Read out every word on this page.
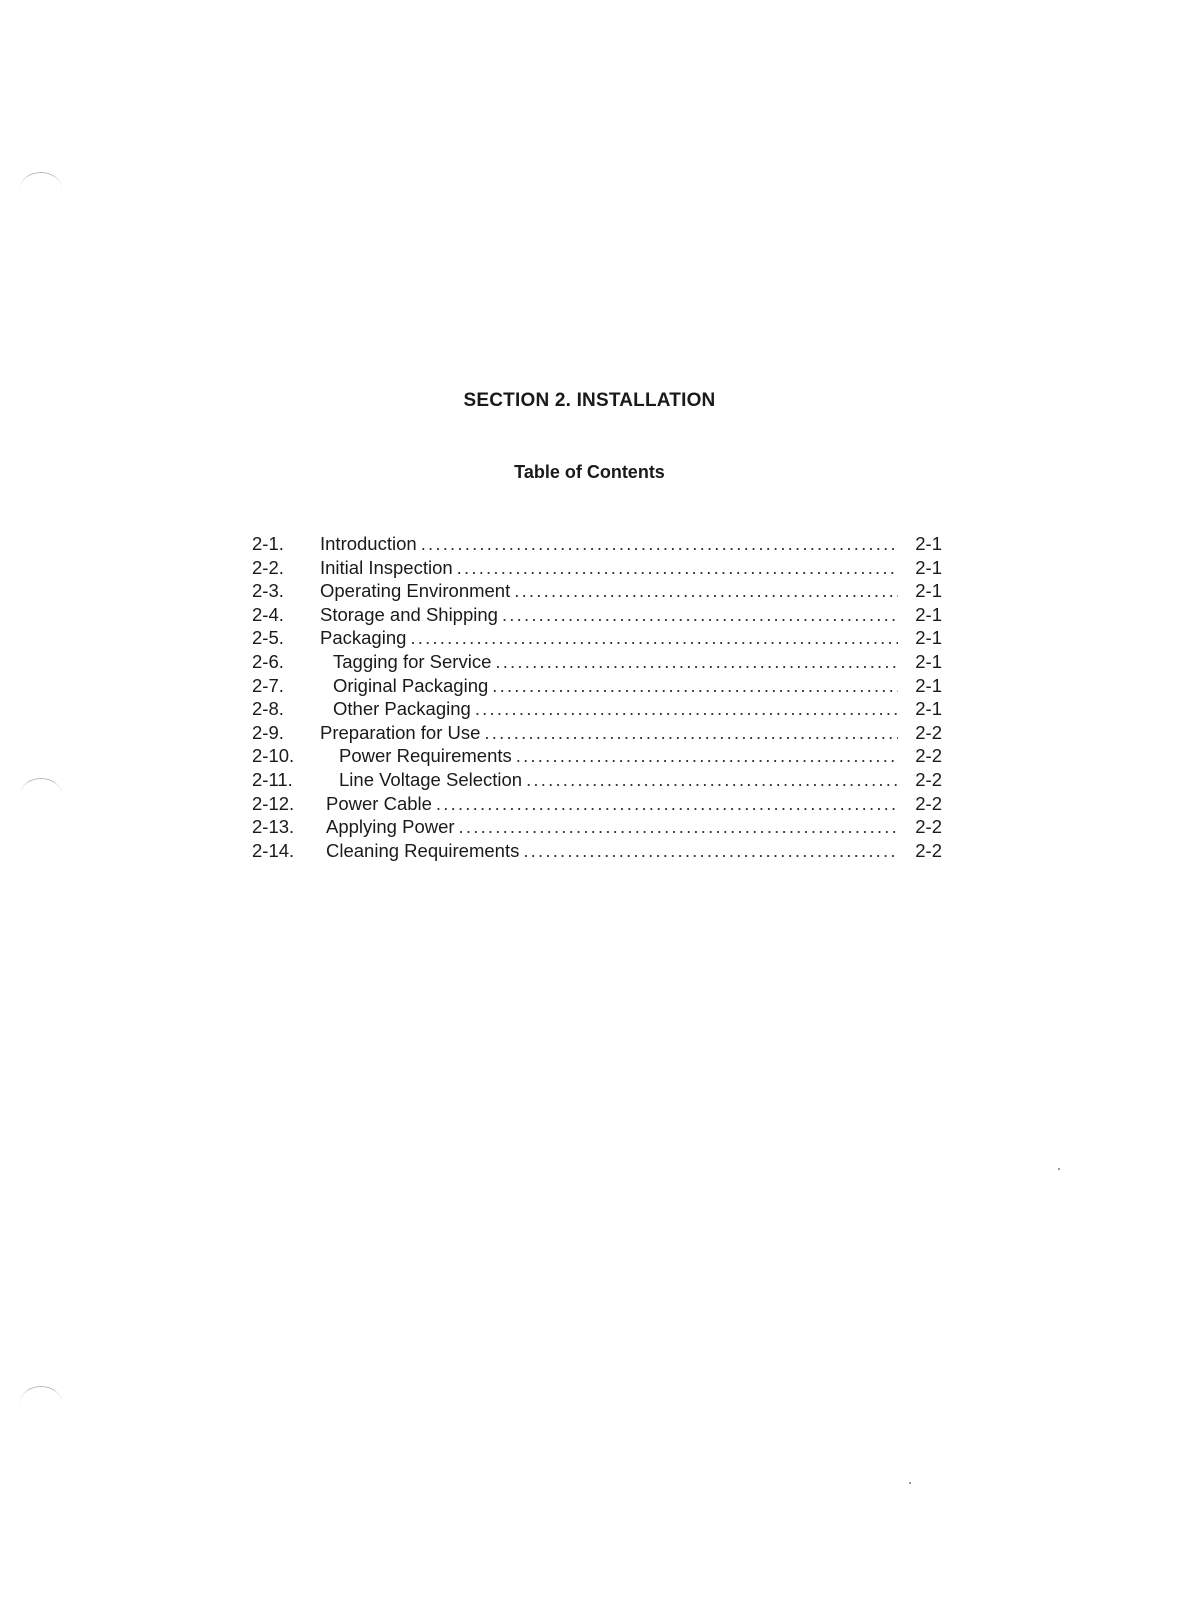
SECTION 2. INSTALLATION
Table of Contents
2-1.	Introduction .....	2-1
2-2.	Initial Inspection .....	2-1
2-3.	Operating Environment .....	2-1
2-4.	Storage and Shipping .....	2-1
2-5.	Packaging .....	2-1
2-6.	Tagging for Service .....	2-1
2-7.	Original Packaging .....	2-1
2-8.	Other Packaging .....	2-1
2-9.	Preparation for Use .....	2-2
2-10.	Power Requirements .....	2-2
2-11.	Line Voltage Selection .....	2-2
2-12.	Power Cable .....	2-2
2-13.	Applying Power .....	2-2
2-14.	Cleaning Requirements .....	2-2
